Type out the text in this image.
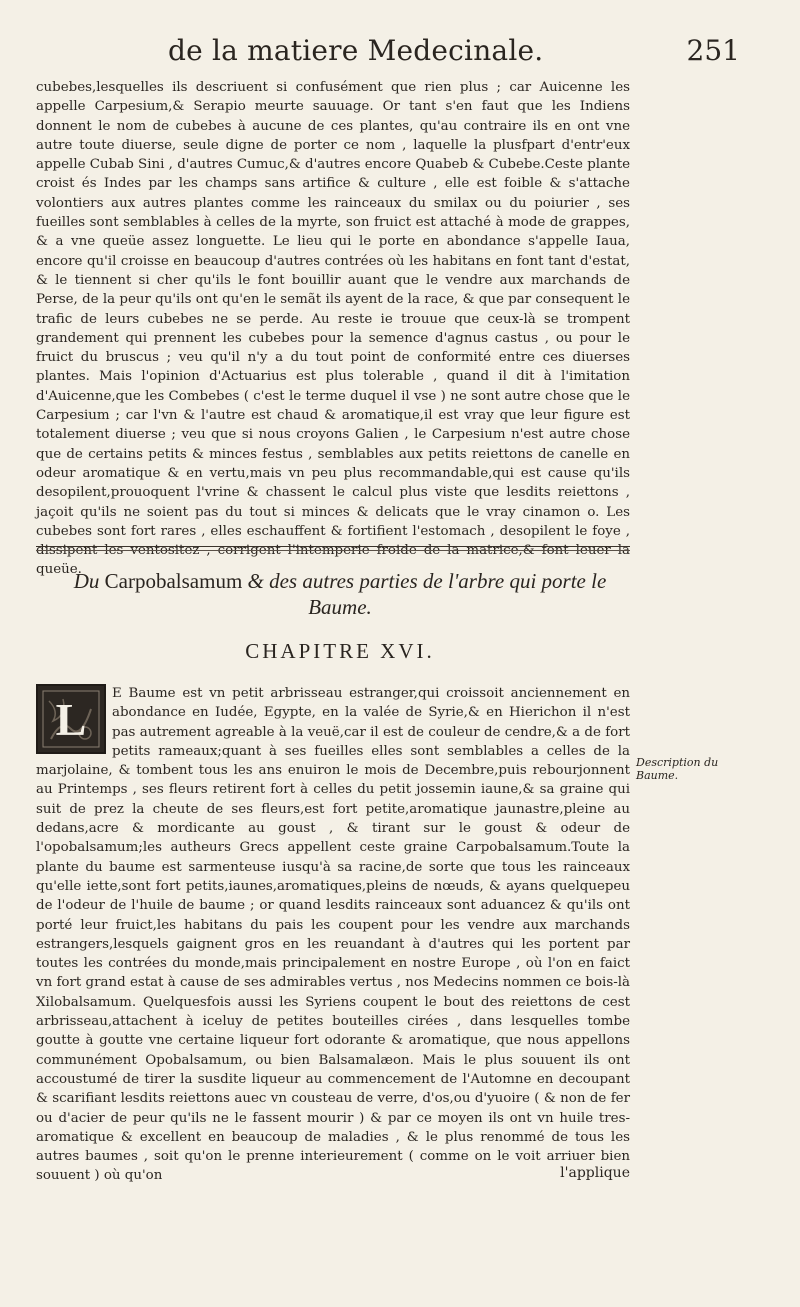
de la matiere Medecinale.	251

cubebes,lesquelles ils descriuent si confusément que rien plus ; car Auicenne les appelle Carpesium,& Serapio meurte sauuage. Or tant s'en faut que les Indiens donnent le nom de cubebes à aucune de ces plantes, qu'au contraire ils en ont vne autre toute diuerse, seule digne de porter ce nom , laquelle la plusfpart d'entr'eux appelle Cubab Sini , d'autres Cumuc,& d'autres encore Quabeb & Cubebe.Ceste plante croist és Indes par les champs sans artifice & culture , elle est foible & s'attache volontiers aux autres plantes comme les rainceaux du smilax ou du poiurier , ses fueilles sont semblables à celles de la myrte, son fruict est attaché à mode de grappes, & a vne queüe assez longuette. Le lieu qui le porte en abondance s'appelle Iaua, encore qu'il croisse en beaucoup d'autres contrées où les habitans en font tant d'estat, & le tiennent si cher qu'ils le font bouillir auant que le vendre aux marchands de Perse, de la peur qu'ils ont qu'en le semãt ils ayent de la race, & que par consequent le trafic de leurs cubebes ne se perde. Au reste ie trouue que ceux-là se trompent grandement qui prennent les cubebes pour la semence d'agnus castus , ou pour le fruict du bruscus ; veu qu'il n'y a du tout point de conformité entre ces diuerses plantes. Mais l'opinion d'Actuarius est plus tolerable , quand il dit à l'imitation d'Auicenne,que les Combebes ( c'est le terme duquel il vse ) ne sont autre chose que le Carpesium ; car l'vn & l'autre est chaud & aromatique,il est vray que leur figure est totalement diuerse ; veu que si nous croyons Galien , le Carpesium n'est autre chose que de certains petits & minces festus , semblables aux petits reiettons de canelle en odeur aromatique & en vertu,mais vn peu plus recommandable,qui est cause qu'ils desopilent,prouoquent l'vrine & chassent le calcul plus viste que lesdits reiettons , jaçoit qu'ils ne soient pas du tout si minces & delicats que le vray cinamon o. Les cubebes sont fort rares , elles eschauffent & fortifient l'estomach , desopilent le foye , dissipent les ventositez , corrigent l'intemperie froide de la matrice,& font leuer la queüe.

Du Carpobalsamum & des autres parties de l'arbre qui porte le Baume.
CHAPITRE XVI.
L	E Baume est vn petit arbrisseau estranger,qui croissoit anciennement en abondance en Iudée, Egypte, en la valée de Syrie,& en Hierichon il n'est pas autrement agreable à la veuë,car il est de couleur de cendre,& a de fort petits rameaux;quant à ses fueilles elles sont semblables a celles de la marjolaine, & tombent tous les ans enuiron le mois de Decembre,puis rebourjonnent au Printemps , ses fleurs retirent fort à celles du petit jossemin iaune,& sa graine qui suit de prez la cheute de ses fleurs,est fort petite,aromatique jaunastre,pleine au dedans,acre & mordicante au goust , & tirant sur le goust & odeur de l'opobalsamum;les autheurs Grecs appellent ceste graine Carpobalsamum.Toute la plante du baume est sarmenteuse iusqu'à sa racine,de sorte que tous les rainceaux qu'elle iette,sont fort petits,iaunes,aromatiques,pleins de nœuds, & ayans quelquepeu de l'odeur de l'huile de baume ; or quand lesdits rainceaux sont aduancez & qu'ils ont porté leur fruict,les habitans du pais les coupent pour les vendre aux marchands estrangers,lesquels gaignent gros en les reuandant à d'autres qui les portent par toutes les contrées du monde,mais principalement en nostre Europe , où l'on en faict vn fort grand estat à cause de ses admirables vertus , nos Medecins nommen ce bois-là Xilobalsamum. Quelquesfois aussi les Syriens coupent le bout des reiettons de cest arbrisseau,attachent à iceluy de petites bouteilles cirées , dans lesquelles tombe goutte à goutte vne certaine liqueur fort odorante & aromatique, que nous appellons communément Opobalsamum, ou bien Balsamalæon. Mais le plus souuent ils ont accoustumé de tirer la susdite liqueur au commencement de l'Automne en decoupant & scarifiant lesdits reiettons auec vn cousteau de verre, d'os,ou d'yuoire ( & non de fer ou d'acier de peur qu'ils ne le fassent mourir ) & par ce moyen ils ont vn huile tres-aromatique & excellent en beaucoup de maladies , & le plus renommé de tous les autres baumes , soit qu'on le prenne interieurement ( comme on le voit arriuer bien souuent ) où qu'on

Description du Baume.
l'applique
